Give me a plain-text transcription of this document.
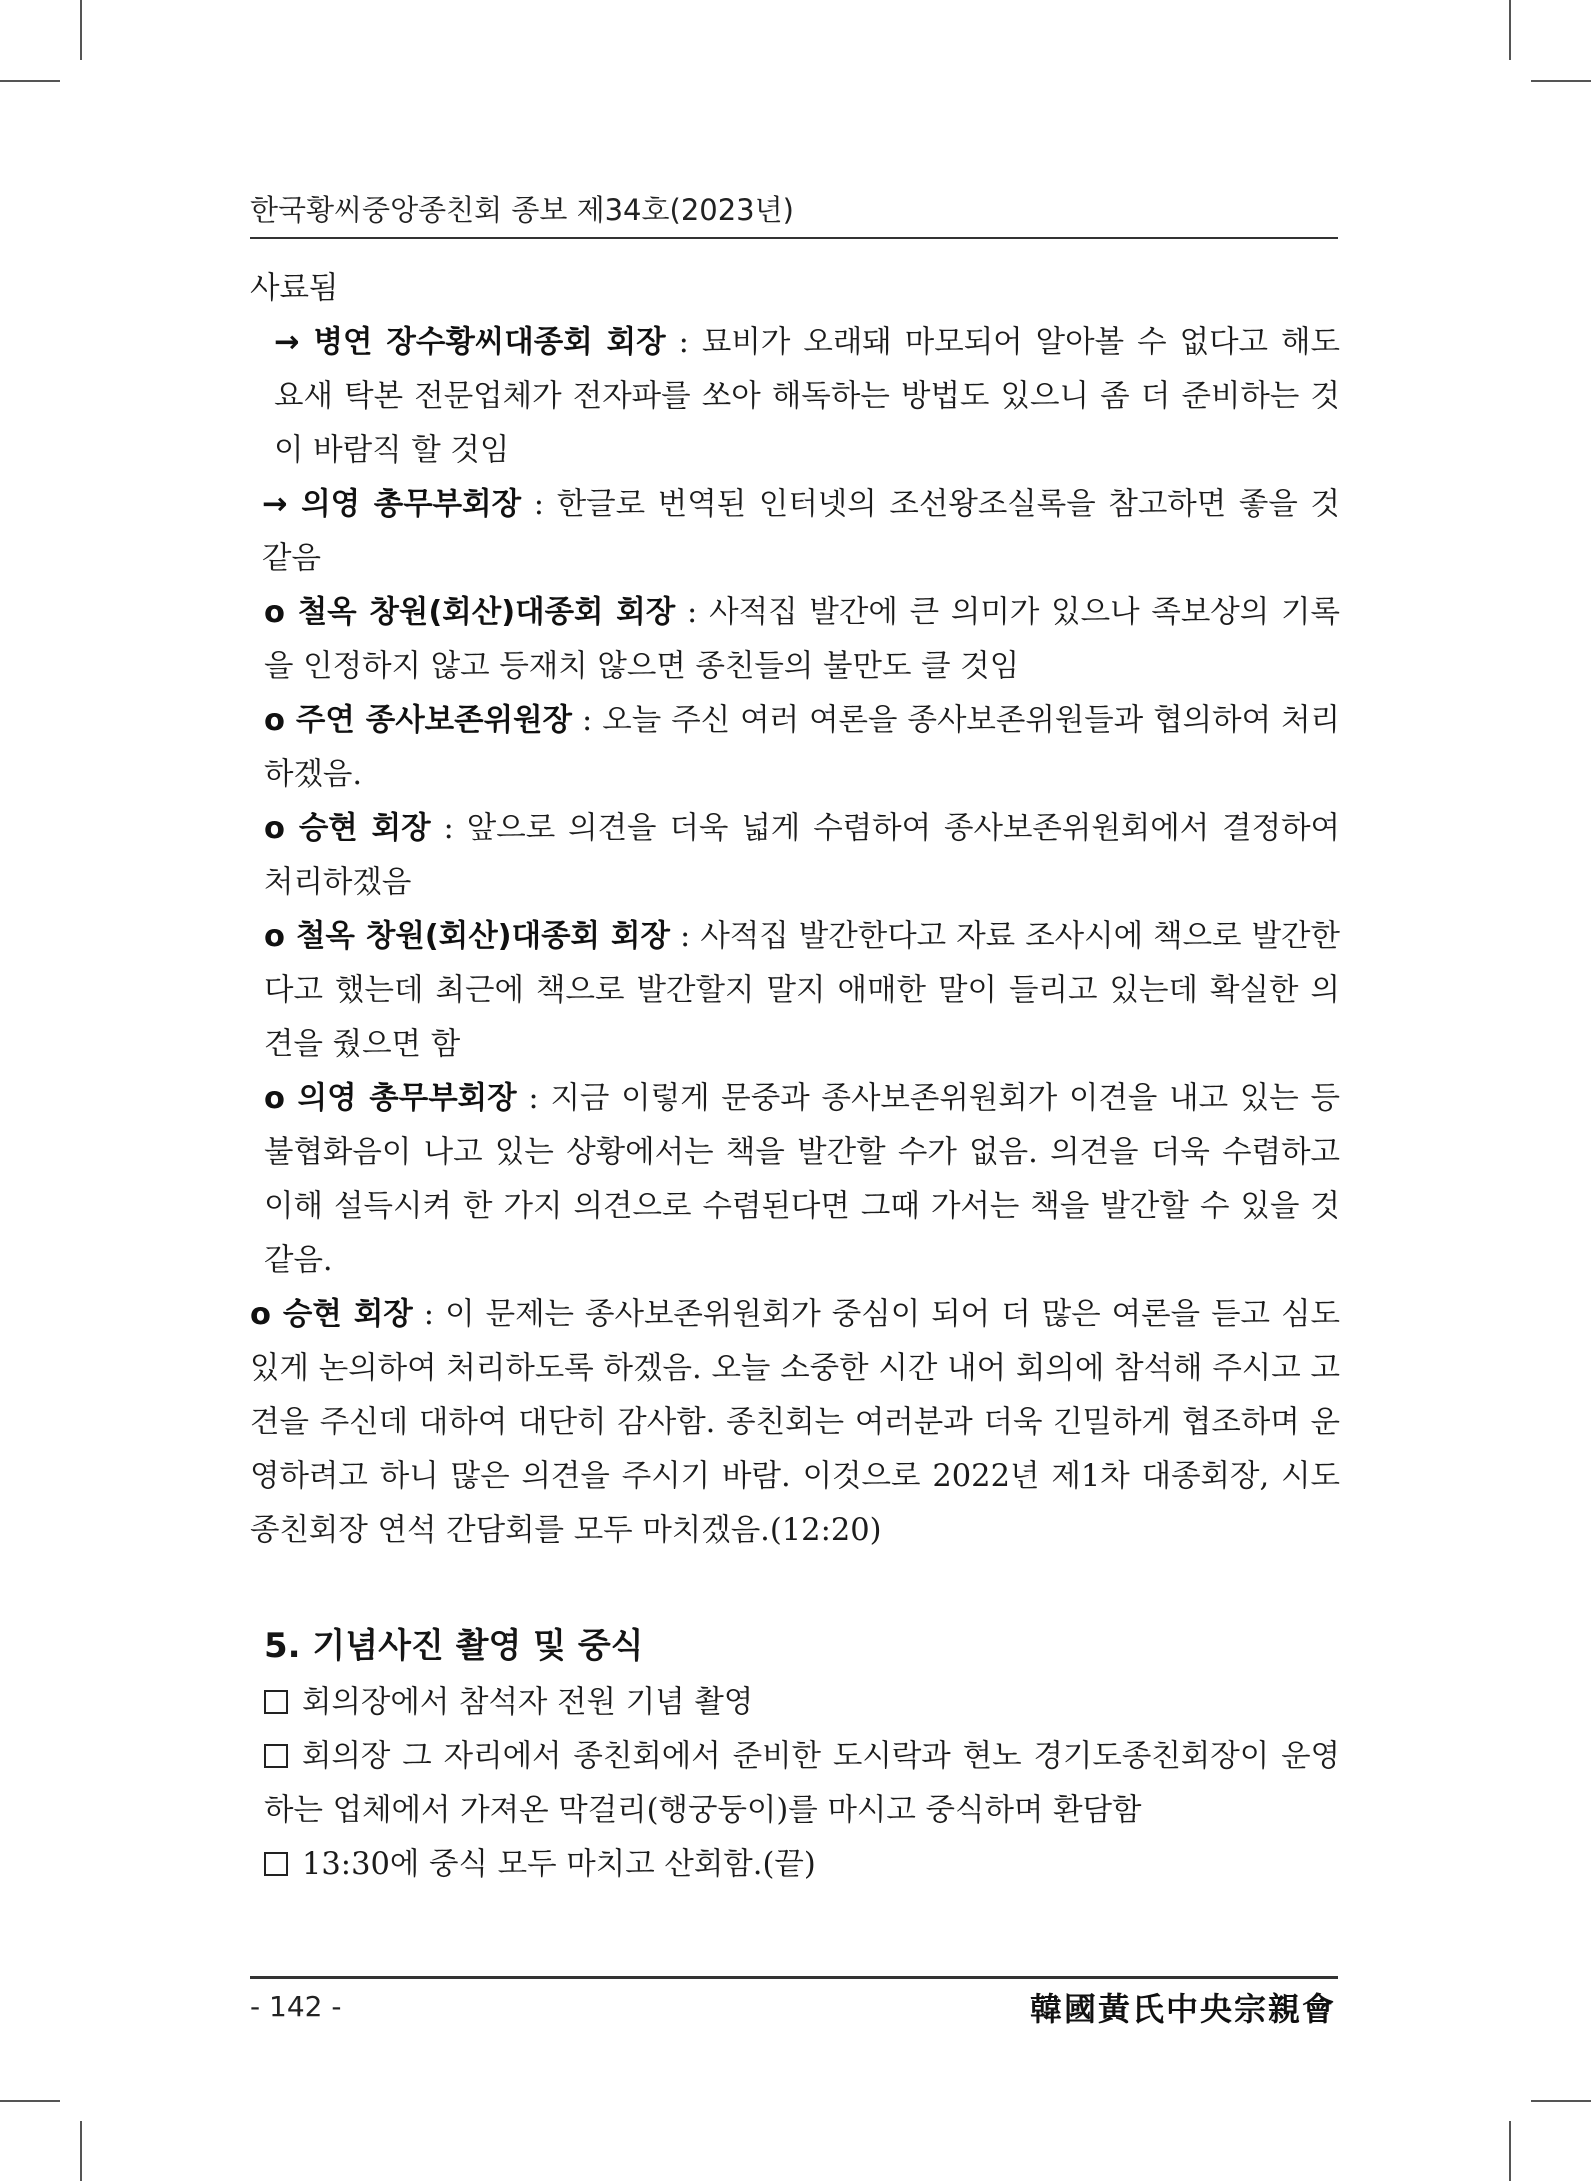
한국황씨중앙종친회 종보 제34호(2023년)

사료됨

→ 병연 장수황씨대종회 회장 : 묘비가 오래돼 마모되어 알아볼 수 없다고 해도 요새 탁본 전문업체가 전자파를 쏘아 해독하는 방법도 있으니 좀 더 준비하는 것이 바람직 할 것임

→ 의영 총무부회장 : 한글로 번역된 인터넷의 조선왕조실록을 참고하면 좋을 것 같음

o 철옥 창원(회산)대종회 회장 : 사적집 발간에 큰 의미가 있으나 족보상의 기록을 인정하지 않고 등재치 않으면 종친들의 불만도 클 것임

o 주연 종사보존위원장 : 오늘 주신 여러 여론을 종사보존위원들과 협의하여 처리하겠음.

o 승현 회장 : 앞으로 의견을 더욱 넓게 수렴하여 종사보존위원회에서 결정하여 처리하겠음

o 철옥 창원(회산)대종회 회장 : 사적집 발간한다고 자료 조사시에 책으로 발간한다고 했는데 최근에 책으로 발간할지 말지 애매한 말이 들리고 있는데 확실한 의견을 줬으면 함

o 의영 총무부회장 : 지금 이렇게 문중과 종사보존위원회가 이견을 내고 있는 등 불협화음이 나고 있는 상황에서는 책을 발간할 수가 없음. 의견을 더욱 수렴하고 이해 설득시켜 한 가지 의견으로 수렴된다면 그때 가서는 책을 발간할 수 있을 것 같음.

o 승현 회장 : 이 문제는 종사보존위원회가 중심이 되어 더 많은 여론을 듣고 심도 있게 논의하여 처리하도록 하겠음. 오늘 소중한 시간 내어 회의에 참석해 주시고 고견을 주신데 대하여 대단히 감사함. 종친회는 여러분과 더욱 긴밀하게 협조하며 운영하려고 하니 많은 의견을 주시기 바람. 이것으로 2022년 제1차 대종회장, 시도종친회장 연석 간담회를 모두 마치겠음.(12:20)

5. 기념사진 촬영 및 중식

회의장에서 참석자 전원 기념 촬영

회의장 그 자리에서 종친회에서 준비한 도시락과 현노 경기도종친회장이 운영하는 업체에서 가져온 막걸리(행궁둥이)를 마시고 중식하며 환담함

13:30에 중식 모두 마치고 산회함.(끝)

- 142 -	韓國黃氏中央宗親會
